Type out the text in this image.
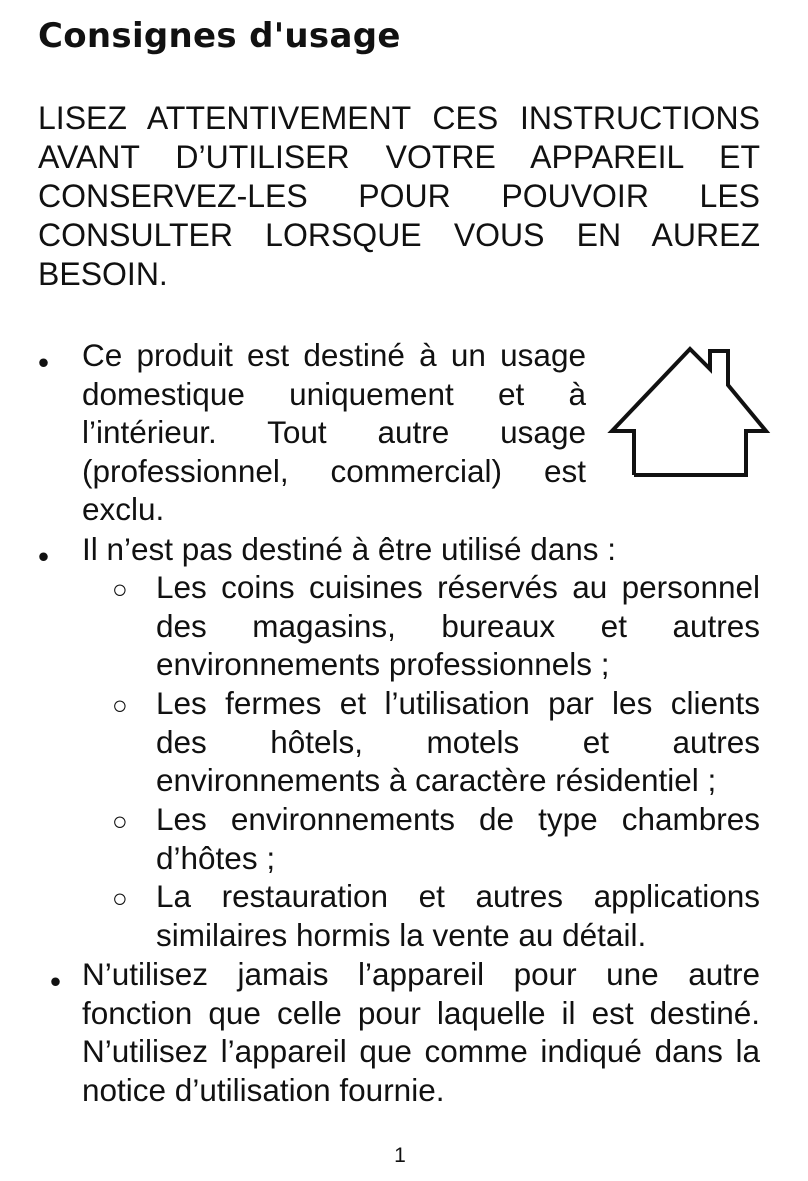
Consignes d'usage

LISEZ ATTENTIVEMENT CES INSTRUCTIONS AVANT D’UTILISER VOTRE APPAREIL ET CONSERVEZ-LES POUR POUVOIR LES CONSULTER LORSQUE VOUS EN AUREZ BESOIN.

• Ce produit est destiné à un usage domestique uniquement et à l’intérieur. Tout autre usage (professionnel, commercial) est exclu.

• Il n’est pas destiné à être utilisé dans :

○ Les coins cuisines réservés au personnel des magasins, bureaux et autres environnements professionnels ;
○ Les fermes et l’utilisation par les clients des hôtels, motels et autres environnements à caractère résidentiel ;
○ Les environnements de type chambres d’hôtes ;
○ La restauration et autres applications similaires hormis la vente au détail.
• N’utilisez jamais l’appareil pour une autre fonction que celle pour laquelle il est destiné. N’utilisez l’appareil que comme indiqué dans la notice d’utilisation fournie.

1
